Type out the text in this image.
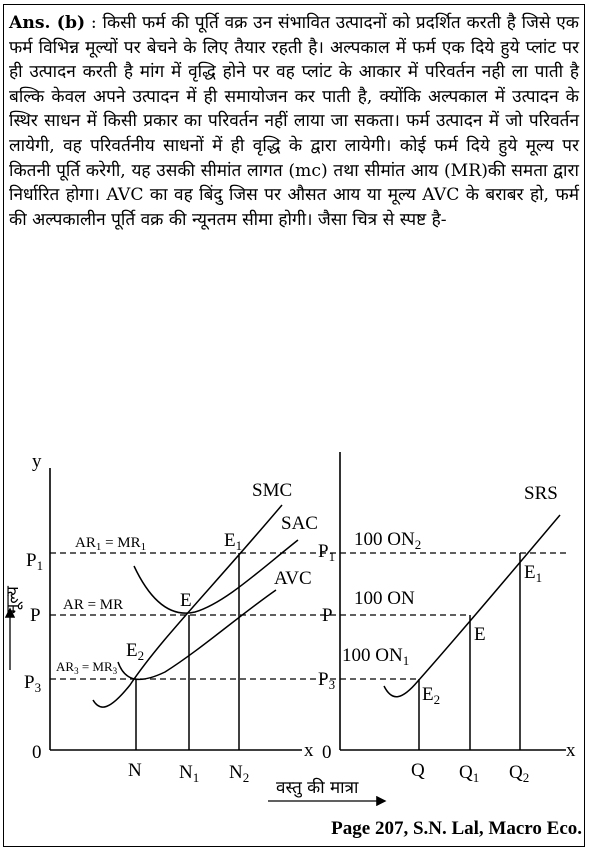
Ans. (b) : किसी फर्म की पूर्ति वक्र उन संभावित उत्पादनों को प्रदर्शित करती है जिसे एक फर्म विभिन्न मूल्यों पर बेचने के लिए तैयार रहती है। अल्पकाल में फर्म एक दिये हुये प्लांट पर ही उत्पादन करती है मांग में वृद्धि होने पर वह प्लांट के आकार में परिवर्तन नही ला पाती है बल्कि केवल अपने उत्पादन में ही समायोजन कर पाती है, क्योंकि अल्पकाल में उत्पादन के स्थिर साधन में किसी प्रकार का परिवर्तन नहीं लाया जा सकता। फर्म उत्पादन में जो परिवर्तन लायेगी, वह परिवर्तनीय साधनों में ही वृद्धि के द्वारा लायेगी। कोई फर्म दिये हुये मूल्य पर कितनी पूर्ति करेगी, यह उसकी सीमांत लागत (mc) तथा सीमांत आय (MR)की समता द्वारा निर्धारित होगा। AVC का वह बिंदु जिस पर औसत आय या मूल्य AVC के बराबर हो, फर्म की अल्पकालीन पूर्ति वक्र की न्यूनतम सीमा होगी। जैसा चित्र से स्पष्ट है-
y
x
0
मूल्य
$P_1$
P
$P_3$
$AR_1 = MR_1$
AR = MR
$AR_3 = MR_3$
SMC
SAC
AVC
$E_1$
E
$E_2$
N $N_1$ $N_2$
वस्तु की मात्रा
x
0
$P_1$
P
$P_3$
100 $ON_2$
100 ON
100 $ON_1$
SRS
$E_1$
E
$E_2$
Q $Q_1$ $Q_2$
Page 207, S.N. Lal, Macro Eco.
